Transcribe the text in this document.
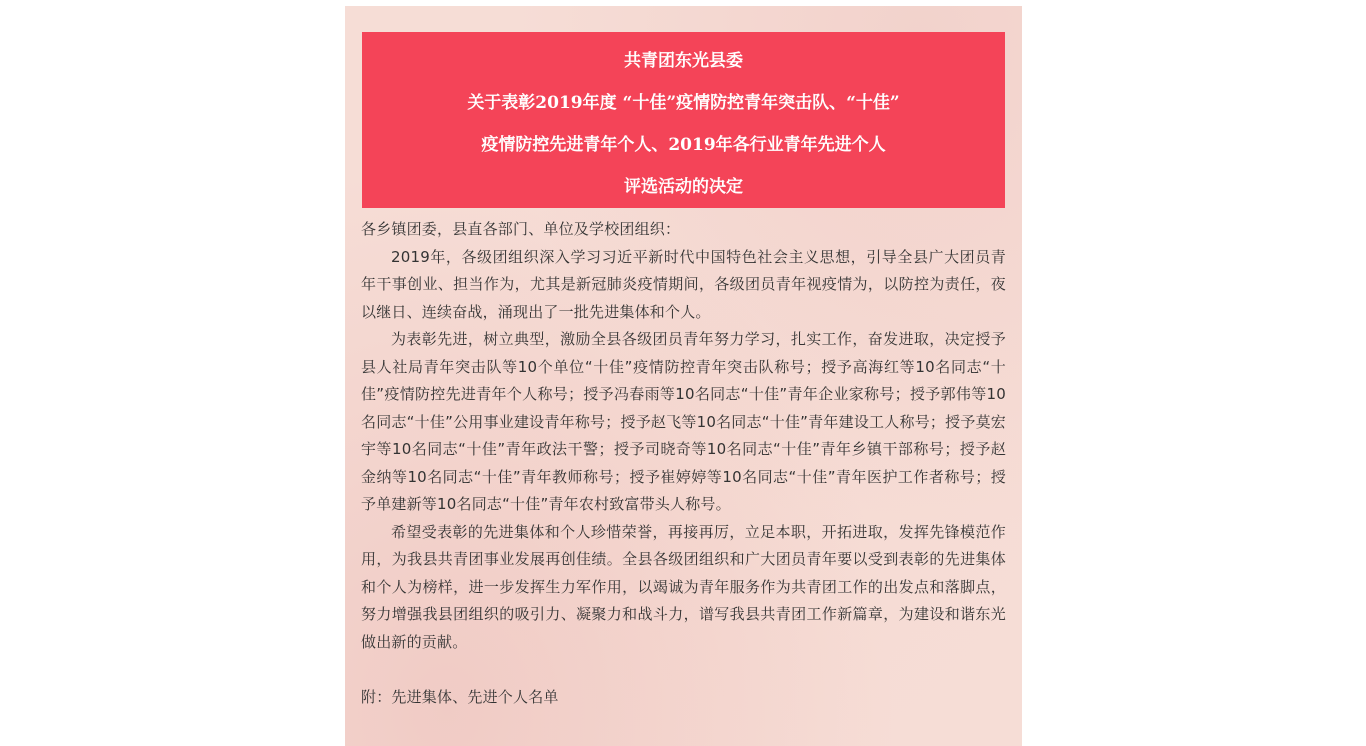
共青团东光县委
关于表彰2019年度 “十佳”疫情防控青年突击队、“十佳”
疫情防控先进青年个人、2019年各行业青年先进个人
评选活动的决定

各乡镇团委，县直各部门、单位及学校团组织：

2019年，各级团组织深入学习习近平新时代中国特色社会主义思想，引导全县广大团员青年干事创业、担当作为，尤其是新冠肺炎疫情期间，各级团员青年视疫情为，以防控为责任，夜以继日、连续奋战，涌现出了一批先进集体和个人。

为表彰先进，树立典型，激励全县各级团员青年努力学习，扎实工作，奋发进取，决定授予县人社局青年突击队等10个单位“十佳”疫情防控青年突击队称号；授予高海红等10名同志“十佳”疫情防控先进青年个人称号；授予冯春雨等10名同志“十佳”青年企业家称号；授予郭伟等10名同志“十佳”公用事业建设青年称号；授予赵飞等10名同志“十佳”青年建设工人称号；授予莫宏宇等10名同志“十佳”青年政法干警；授予司晓奇等10名同志“十佳”青年乡镇干部称号；授予赵金纳等10名同志“十佳”青年教师称号；授予崔婷婷等10名同志“十佳”青年医护工作者称号；授予单建新等10名同志“十佳”青年农村致富带头人称号。

希望受表彰的先进集体和个人珍惜荣誉，再接再厉，立足本职，开拓进取，发挥先锋模范作用，为我县共青团事业发展再创佳绩。全县各级团组织和广大团员青年要以受到表彰的先进集体和个人为榜样，进一步发挥生力军作用，以竭诚为青年服务作为共青团工作的出发点和落脚点，努力增强我县团组织的吸引力、凝聚力和战斗力，谱写我县共青团工作新篇章，为建设和谐东光做出新的贡献。

附：先进集体、先进个人名单
